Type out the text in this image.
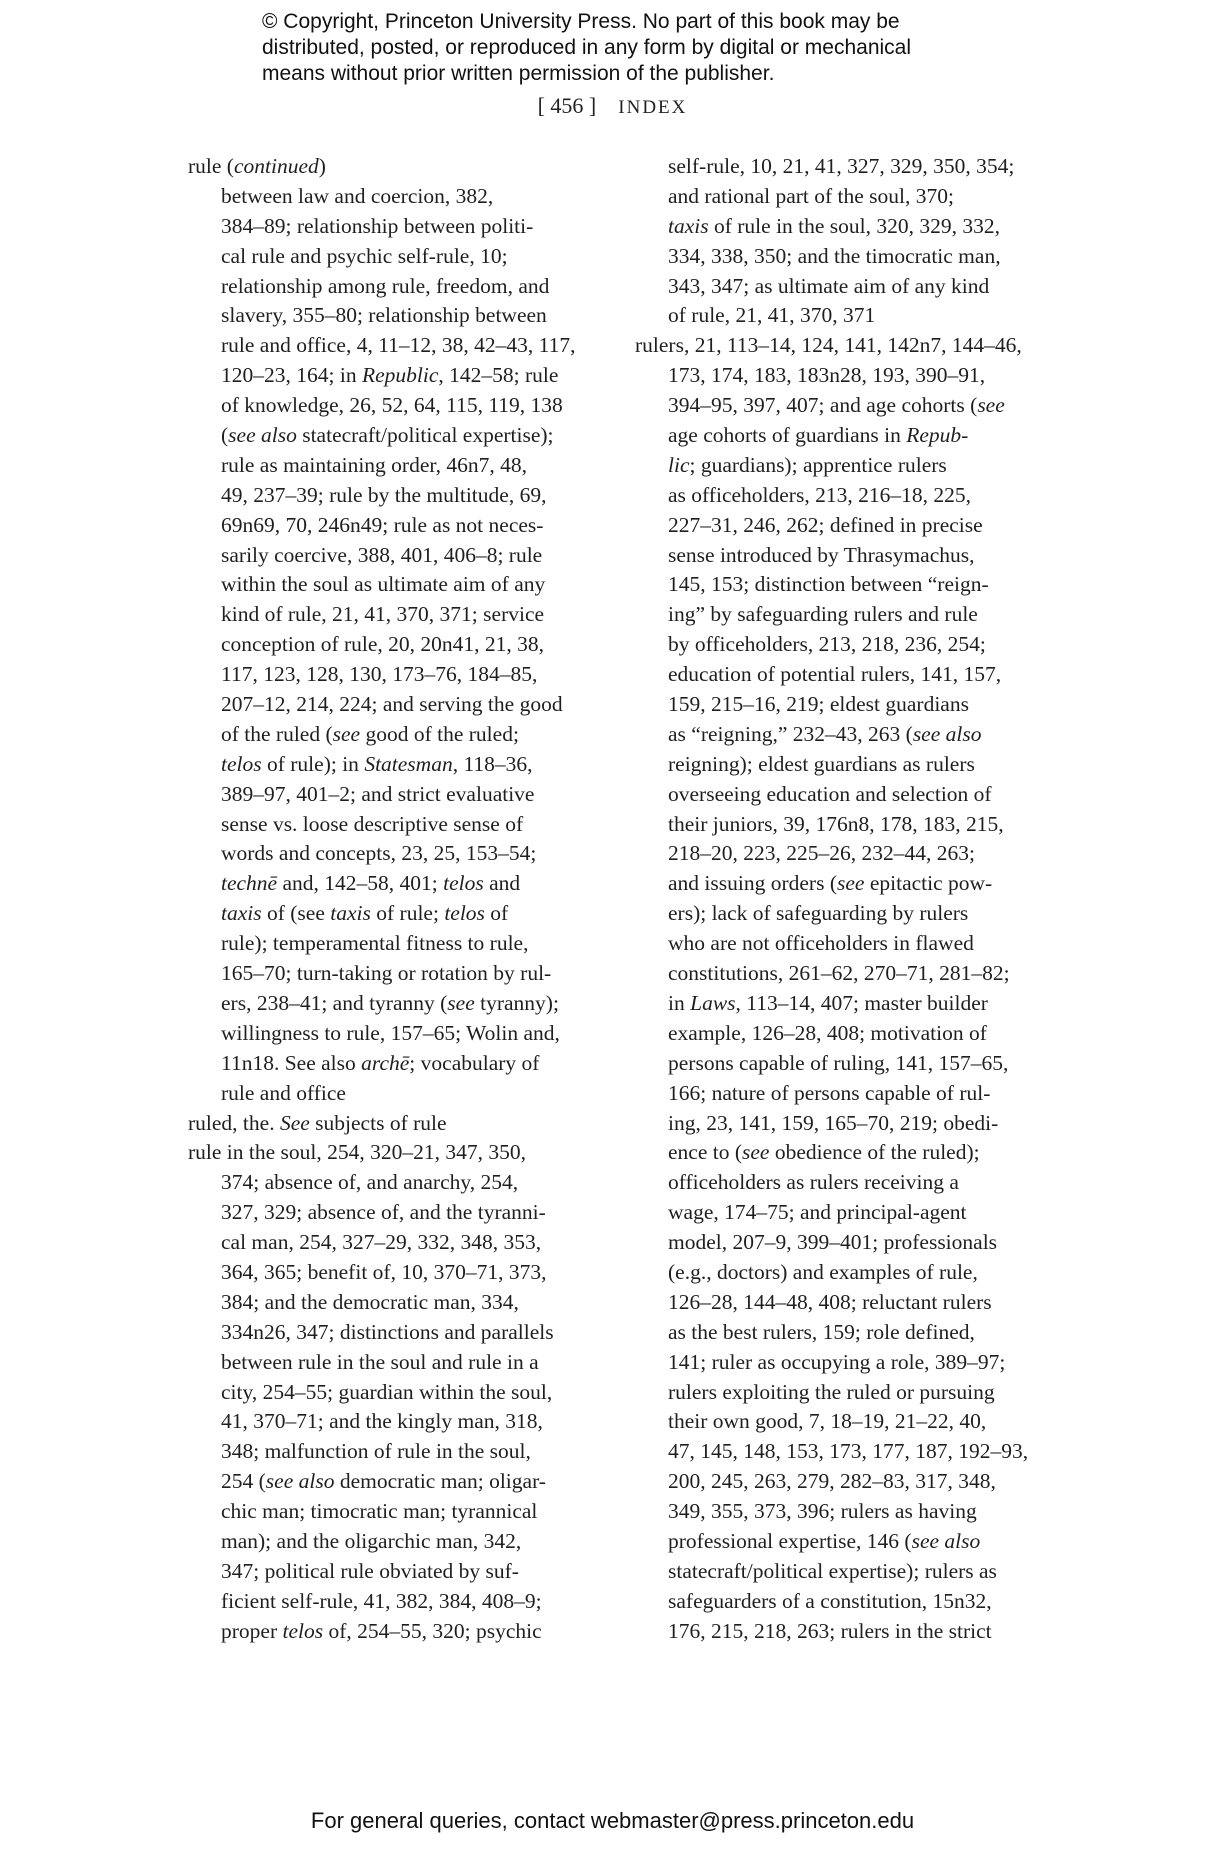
© Copyright, Princeton University Press. No part of this book may be
distributed, posted, or reproduced in any form by digital or mechanical
means without prior written permission of the publisher.
[ 456 ] INDEX
rule (continued)
between law and coercion, 382,
384–89; relationship between politi-
cal rule and psychic self-rule, 10;
relationship among rule, freedom, and
slavery, 355–80; relationship between
rule and office, 4, 11–12, 38, 42–43, 117,
120–23, 164; in Republic, 142–58; rule
of knowledge, 26, 52, 64, 115, 119, 138
(see also statecraft/political expertise);
rule as maintaining order, 46n7, 48,
49, 237–39; rule by the multitude, 69,
69n69, 70, 246n49; rule as not neces-
sarily coercive, 388, 401, 406–8; rule
within the soul as ultimate aim of any
kind of rule, 21, 41, 370, 371; service
conception of rule, 20, 20n41, 21, 38,
117, 123, 128, 130, 173–76, 184–85,
207–12, 214, 224; and serving the good
of the ruled (see good of the ruled;
telos of rule); in Statesman, 118–36,
389–97, 401–2; and strict evaluative
sense vs. loose descriptive sense of
words and concepts, 23, 25, 153–54;
technē and, 142–58, 401; telos and
taxis of (see taxis of rule; telos of
rule); temperamental fitness to rule,
165–70; turn-taking or rotation by rul-
ers, 238–41; and tyranny (see tyranny);
willingness to rule, 157–65; Wolin and,
11n18. See also archē; vocabulary of
rule and office
ruled, the. See subjects of rule
rule in the soul, 254, 320–21, 347, 350,
374; absence of, and anarchy, 254,
327, 329; absence of, and the tyranni-
cal man, 254, 327–29, 332, 348, 353,
364, 365; benefit of, 10, 370–71, 373,
384; and the democratic man, 334,
334n26, 347; distinctions and parallels
between rule in the soul and rule in a
city, 254–55; guardian within the soul,
41, 370–71; and the kingly man, 318,
348; malfunction of rule in the soul,
254 (see also democratic man; oligar-
chic man; timocratic man; tyrannical
man); and the oligarchic man, 342,
347; political rule obviated by suf-
ficient self-rule, 41, 382, 384, 408–9;
proper telos of, 254–55, 320; psychic
self-rule, 10, 21, 41, 327, 329, 350, 354;
and rational part of the soul, 370;
taxis of rule in the soul, 320, 329, 332,
334, 338, 350; and the timocratic man,
343, 347; as ultimate aim of any kind
of rule, 21, 41, 370, 371
rulers, 21, 113–14, 124, 141, 142n7, 144–46,
173, 174, 183, 183n28, 193, 390–91,
394–95, 397, 407; and age cohorts (see
age cohorts of guardians in Repub-
lic; guardians); apprentice rulers
as officeholders, 213, 216–18, 225,
227–31, 246, 262; defined in precise
sense introduced by Thrasymachus,
145, 153; distinction between “reign-
ing” by safeguarding rulers and rule
by officeholders, 213, 218, 236, 254;
education of potential rulers, 141, 157,
159, 215–16, 219; eldest guardians
as “reigning,” 232–43, 263 (see also
reigning); eldest guardians as rulers
overseeing education and selection of
their juniors, 39, 176n8, 178, 183, 215,
218–20, 223, 225–26, 232–44, 263;
and issuing orders (see epitactic pow-
ers); lack of safeguarding by rulers
who are not officeholders in flawed
constitutions, 261–62, 270–71, 281–82;
in Laws, 113–14, 407; master builder
example, 126–28, 408; motivation of
persons capable of ruling, 141, 157–65,
166; nature of persons capable of rul-
ing, 23, 141, 159, 165–70, 219; obedi-
ence to (see obedience of the ruled);
officeholders as rulers receiving a
wage, 174–75; and principal-agent
model, 207–9, 399–401; professionals
(e.g., doctors) and examples of rule,
126–28, 144–48, 408; reluctant rulers
as the best rulers, 159; role defined,
141; ruler as occupying a role, 389–97;
rulers exploiting the ruled or pursuing
their own good, 7, 18–19, 21–22, 40,
47, 145, 148, 153, 173, 177, 187, 192–93,
200, 245, 263, 279, 282–83, 317, 348,
349, 355, 373, 396; rulers as having
professional expertise, 146 (see also
statecraft/political expertise); rulers as
safeguarders of a constitution, 15n32,
176, 215, 218, 263; rulers in the strict
For general queries, contact webmaster@press.princeton.edu
